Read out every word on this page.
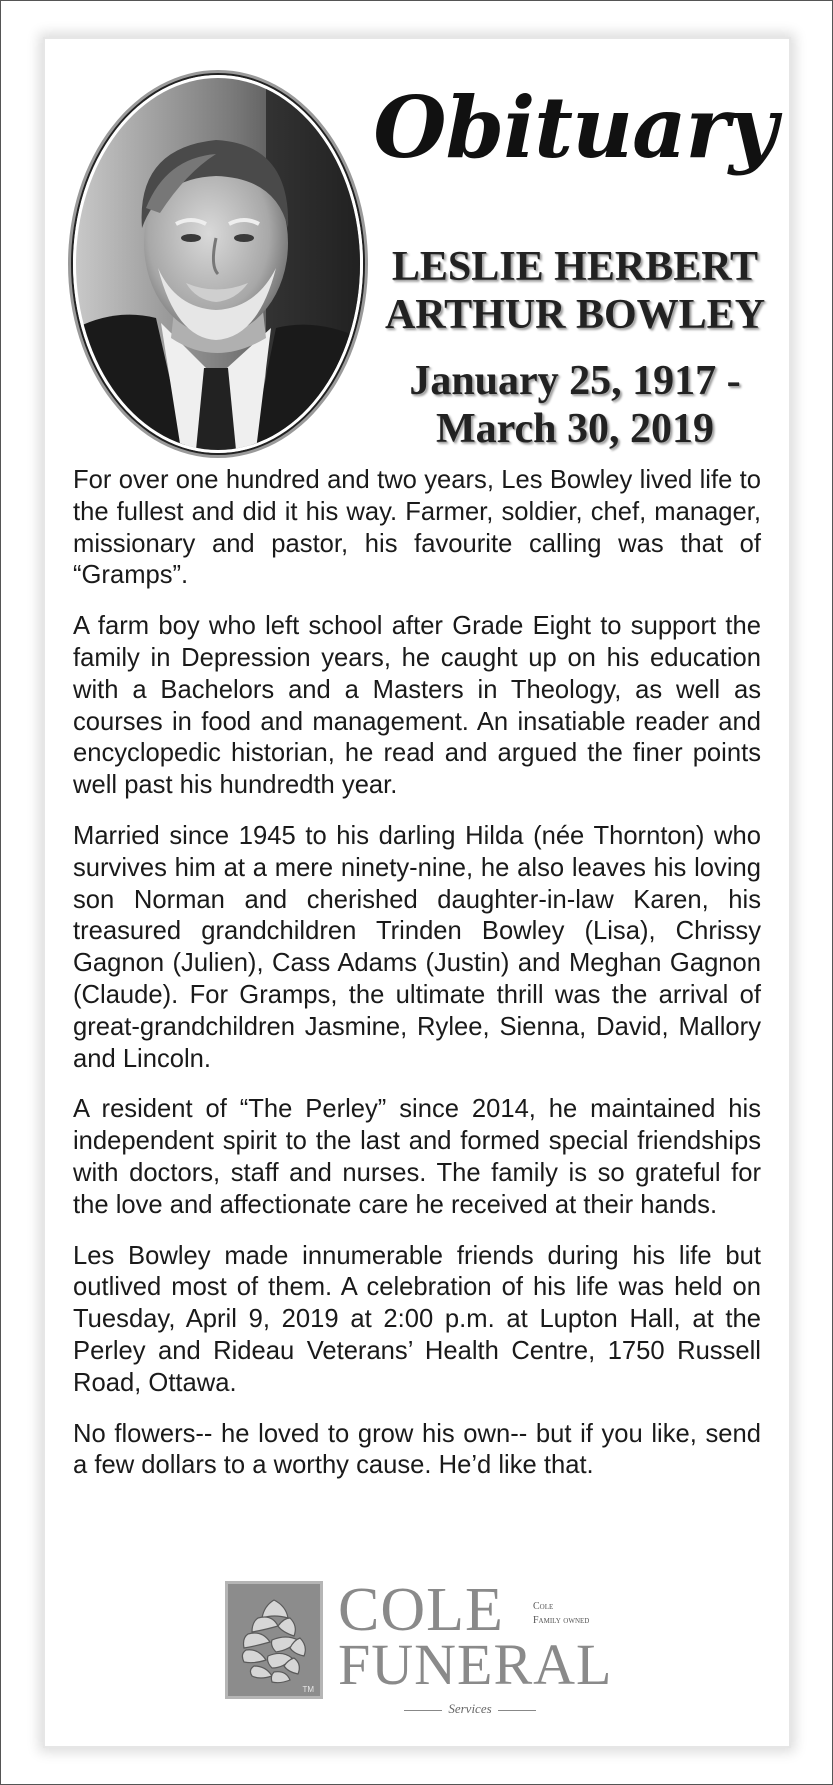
Obituary
LESLIE HERBERT
ARTHUR BOWLEY
January 25, 1917 -
March 30, 2019

For over one hundred and two years, Les Bowley lived life to the fullest and did it his way. Farmer, soldier, chef, manager, missionary and pastor, his favourite calling was that of “Gramps”.

A farm boy who left school after Grade Eight to support the family in Depression years, he caught up on his education with a Bachelors and a Masters in Theology, as well as courses in food and management. An insatiable reader and encyclopedic historian, he read and argued the finer points well past his hundredth year.

Married since 1945 to his darling Hilda (née Thornton) who survives him at a mere ninety-nine, he also leaves his loving son Norman and cherished daughter-in-law Karen, his treasured grandchildren Trinden Bowley (Lisa), Chrissy Gagnon (Julien), Cass Adams (Justin) and Meghan Gagnon (Claude). For Gramps, the ultimate thrill was the arrival of great-grandchildren Jasmine, Rylee, Sienna, David, Mallory and Lincoln.

A resident of “The Perley” since 2014, he maintained his independent spirit to the last and formed special friendships with doctors, staff and nurses. The family is so grateful for the love and affectionate care he received at their hands.

Les Bowley made innumerable friends during his life but outlived most of them. A celebration of his life was held on Tuesday, April 9, 2019 at 2:00 p.m. at Lupton Hall, at the Perley and Rideau Veterans’ Health Centre, 1750 Russell Road, Ottawa.

No flowers-- he loved to grow his own-- but if you like, send a few dollars to a worthy cause. He’d like that.

TM
COLE
FUNERAL
Cole
Family owned
Services
